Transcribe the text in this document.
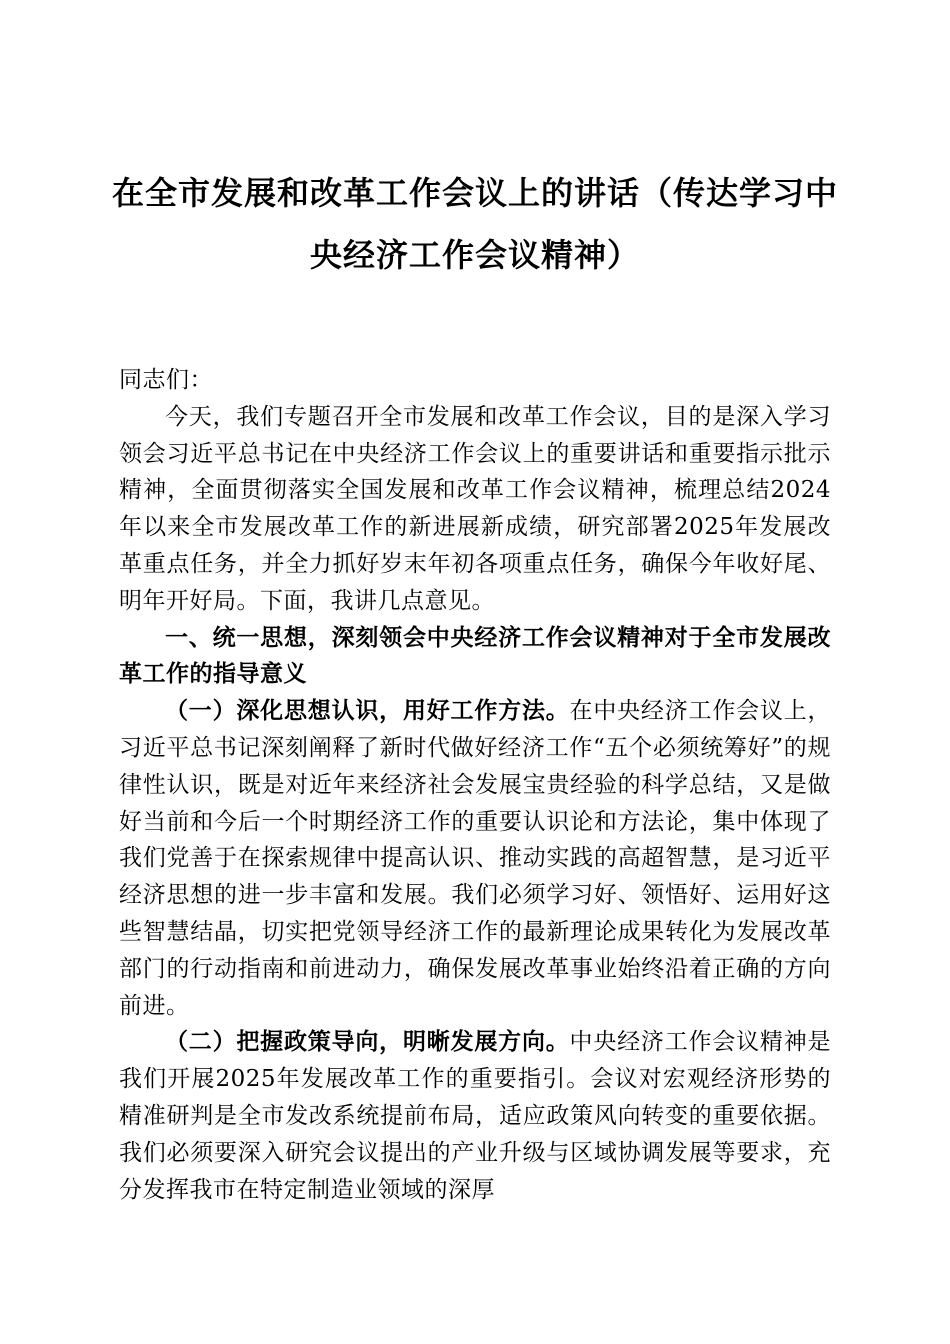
在全市发展和改革工作会议上的讲话（传达学习中央经济工作会议精神）

同志们：

今天，我们专题召开全市发展和改革工作会议，目的是深入学习领会习近平总书记在中央经济工作会议上的重要讲话和重要指示批示精神，全面贯彻落实全国发展和改革工作会议精神，梳理总结2024年以来全市发展改革工作的新进展新成绩，研究部署2025年发展改革重点任务，并全力抓好岁末年初各项重点任务，确保今年收好尾、明年开好局。下面，我讲几点意见。

一、统一思想，深刻领会中央经济工作会议精神对于全市发展改革工作的指导意义

（一）深化思想认识，用好工作方法。在中央经济工作会议上，习近平总书记深刻阐释了新时代做好经济工作“五个必须统筹好”的规律性认识，既是对近年来经济社会发展宝贵经验的科学总结，又是做好当前和今后一个时期经济工作的重要认识论和方法论，集中体现了我们党善于在探索规律中提高认识、推动实践的高超智慧，是习近平经济思想的进一步丰富和发展。我们必须学习好、领悟好、运用好这些智慧结晶，切实把党领导经济工作的最新理论成果转化为发展改革部门的行动指南和前进动力，确保发展改革事业始终沿着正确的方向前进。

（二）把握政策导向，明晰发展方向。中央经济工作会议精神是我们开展2025年发展改革工作的重要指引。会议对宏观经济形势的精准研判是全市发改系统提前布局，适应政策风向转变的重要依据。我们必须要深入研究会议提出的产业升级与区域协调发展等要求，充分发挥我市在特定制造业领域的深厚
